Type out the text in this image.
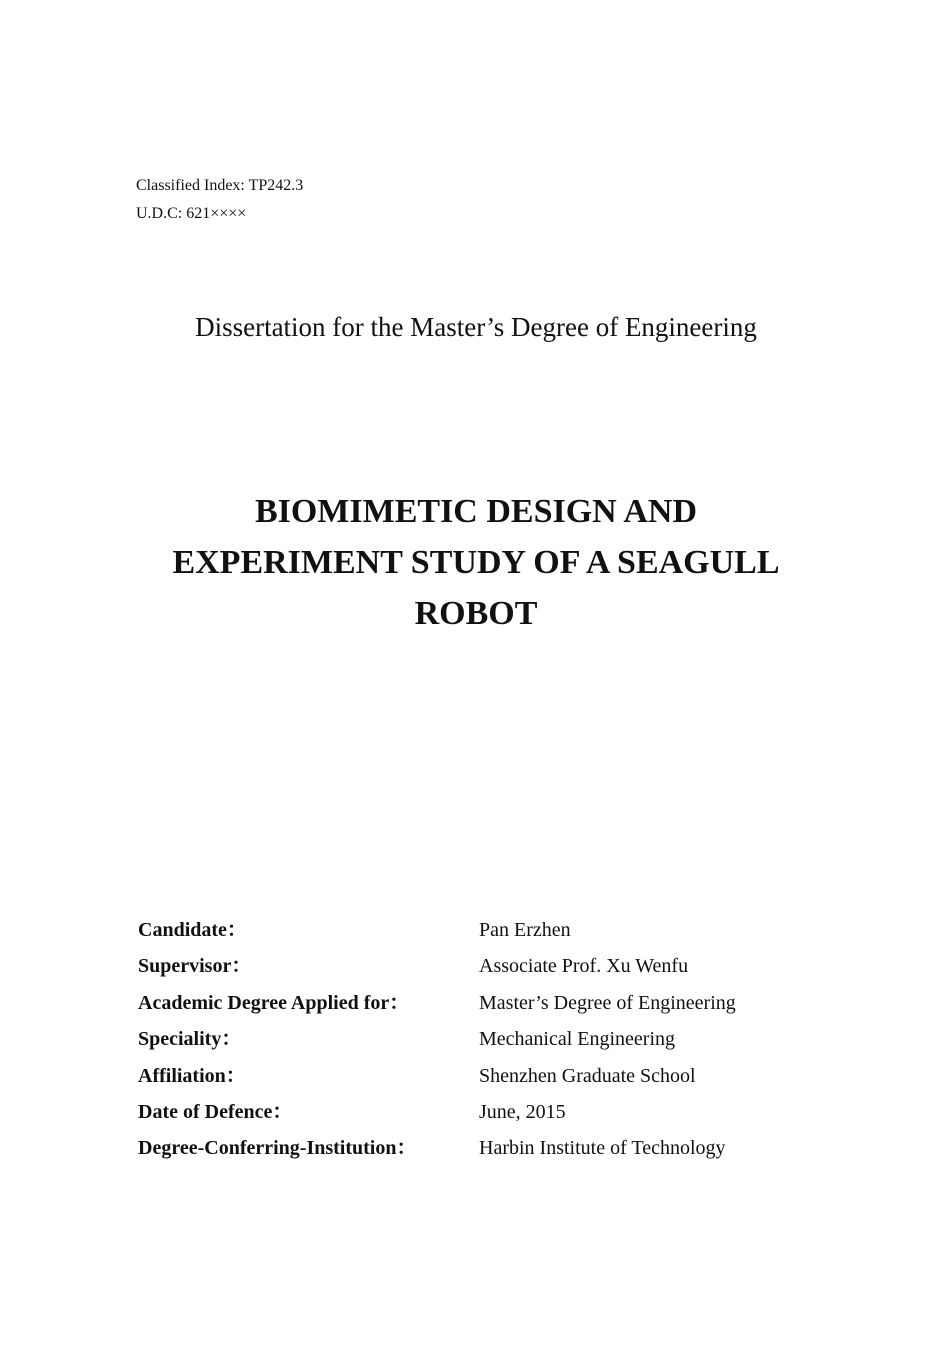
Classified Index: TP242.3
U.D.C: 621××××
Dissertation for the Master’s Degree of Engineering
BIOMIMETIC DESIGN AND
EXPERIMENT STUDY OF A SEAGULL
ROBOT
Candidate：	Pan Erzhen
Supervisor：	Associate Prof. Xu Wenfu
Academic Degree Applied for：	Master’s Degree of Engineering
Speciality：	Mechanical Engineering
Affiliation：	Shenzhen Graduate School
Date of Defence：	June, 2015
Degree-Conferring-Institution：	Harbin Institute of Technology
